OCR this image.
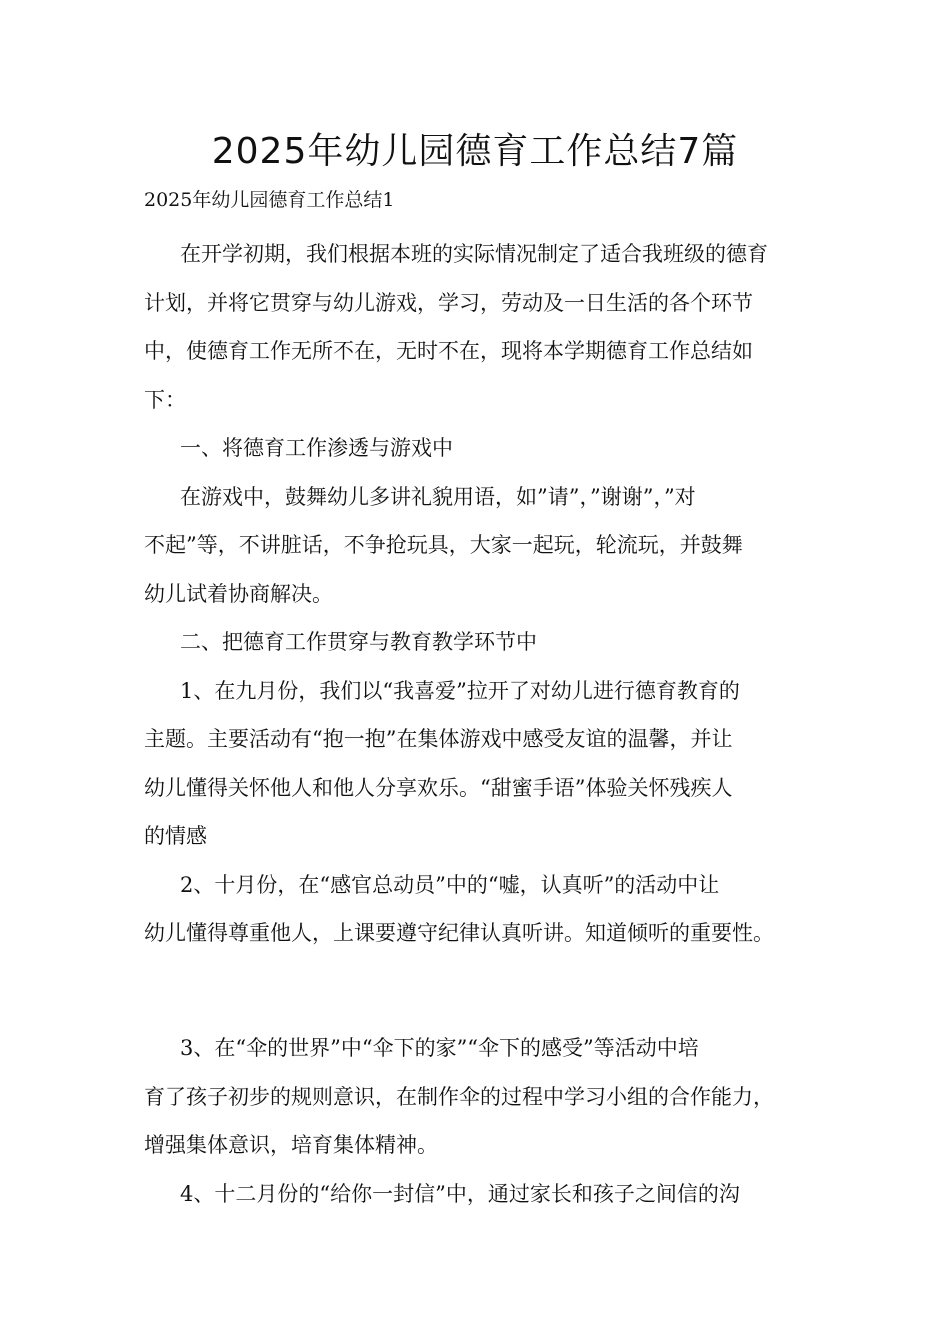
2025年幼儿园德育工作总结7篇

2025年幼儿园德育工作总结1

在开学初期，我们根据本班的实际情况制定了适合我班级的德育
计划，并将它贯穿与幼儿游戏，学习，劳动及一日生活的各个环节
中，使德育工作无所不在，无时不在，现将本学期德育工作总结如
下：
一、将德育工作渗透与游戏中
在游戏中，鼓舞幼儿多讲礼貌用语，如”请”，”谢谢”，”对
不起”等，不讲脏话，不争抢玩具，大家一起玩，轮流玩，并鼓舞
幼儿试着协商解决。
二、把德育工作贯穿与教育教学环节中
1、在九月份，我们以“我喜爱”拉开了对幼儿进行德育教育的
主题。主要活动有“抱一抱”在集体游戏中感受友谊的温馨，并让
幼儿懂得关怀他人和他人分享欢乐。“甜蜜手语”体验关怀残疾人
的情感
2、十月份，在“感官总动员”中的“嘘，认真听”的活动中让
幼儿懂得尊重他人，上课要遵守纪律认真听讲。知道倾听的重要性。
3、在“伞的世界”中“伞下的家”“伞下的感受”等活动中培
育了孩子初步的规则意识，在制作伞的过程中学习小组的合作能力，
增强集体意识，培育集体精神。
4、十二月份的“给你一封信”中，通过家长和孩子之间信的沟
